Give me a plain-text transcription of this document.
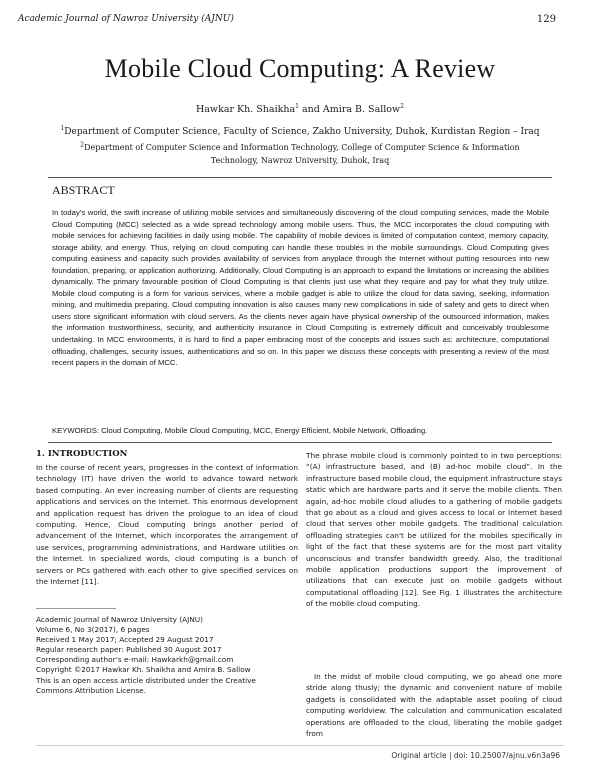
Academic Journal of Nawroz University (AJNU)	129
Mobile Cloud Computing: A Review
Hawkar Kh. Shaikha$^1$ and Amira B. Sallow$^2$
$^1$Department of Computer Science, Faculty of Science, Zakho University, Duhok, Kurdistan Region – Iraq
$^2$Department of Computer Science and Information Technology, College of Computer Science & Information Technology, Nawroz University, Duhok, Iraq
ABSTRACT

In today’s world, the swift increase of utilizing mobile services and simultaneously discovering of the cloud computing services, made the Mobile Cloud Computing (MCC) selected as a wide spread technology among mobile users. Thus, the MCC incorporates the cloud computing with mobile services for achieving facilities in daily using mobile. The capability of mobile devices is limited of computation context, memory capacity, storage ability, and energy. Thus, relying on cloud computing can handle these troubles in the mobile surroundings. Cloud Computing gives computing easiness and capacity such provides availability of services from anyplace through the Internet without putting resources into new foundation, preparing, or application authorizing. Additionally, Cloud Computing is an approach to expand the limitations or increasing the abilities dynamically. The primary favourable position of Cloud Computing is that clients just use what they require and pay for what they truly utilize. Mobile cloud computing is a form for various services, where a mobile gadget is able to utilize the cloud for data saving, seeking, information mining, and multimedia preparing. Cloud computing innovation is also causes many new complications in side of safety and gets to direct when users store significant information with cloud servers. As the clients never again have physical ownership of the outsourced information, makes the information trustworthiness, security, and authenticity insurance in Cloud Computing is extremely difficult and conceivably troublesome undertaking. In MCC environments, it is hard to find a paper embracing most of the concepts and issues such as: architecture, computational offloading, challenges, security issues, authentications and so on. In this paper we discuss these concepts with presenting a review of the most recent papers in the domain of MCC.

KEYWORDS: Cloud Computing, Mobile Cloud Computing, MCC, Energy Efficient, Mobile Network, Offloading.

1. INTRODUCTION

In the course of recent years, progresses in the context of information technology (IT) have driven the world to advance toward network based computing. An ever increasing number of clients are requesting applications and services on the Internet. This enormous development and application request has driven the prologue to an idea of cloud computing. Hence, Cloud computing brings another period of advancement of the Internet, which incorporates the arrangement of use services, programming administrations, and Hardware utilities on the Internet. In specialized words, cloud computing is a bunch of servers or PCs gathered with each other to give specified services on the Internet [11].

Academic Journal of Nawroz University (AJNU)
Volume 6, No 3(2017), 6 pages
Received 1 May 2017; Accepted 29 August 2017
Regular research paper: Published 30 August 2017
Corresponding author’s e-mail: Hawkarkh@gmail.com
Copyright ©2017 Hawkar Kh. Shaikha and Amira B. Sallow
This is an open access article distributed under the Creative
Commons Attribution License.

The phrase mobile cloud is commonly pointed to in two perceptions: “(A) infrastructure based, and (B) ad-hoc mobile cloud”. In the infrastructure based mobile cloud, the equipment infrastructure stays static which are hardware parts and it serve the mobile clients. Then again, ad-hoc mobile cloud alludes to a gathering of mobile gadgets that go about as a cloud and gives access to local or Internet based cloud that serves other mobile gadgets. The traditional calculation offloading strategies can't be utilized for the mobiles specifically in light of the fact that these systems are for the most part vitality unconscious and transfer bandwidth greedy. Also, the traditional mobile application productions support the improvement of utilizations that can execute just on mobile gadgets without computational offloading [12]. See Fig. 1 illustrates the architecture of the mobile cloud computing.

In the midst of mobile cloud computing, we go ahead one more stride along thusly; the dynamic and convenient nature of mobile gadgets is consolidated with the adaptable asset pooling of cloud computing worldview. The calculation and communication escalated operations are offloaded to the cloud, liberating the mobile gadget from

Original article | doi: 10.25007/ajnu.v6n3a96
